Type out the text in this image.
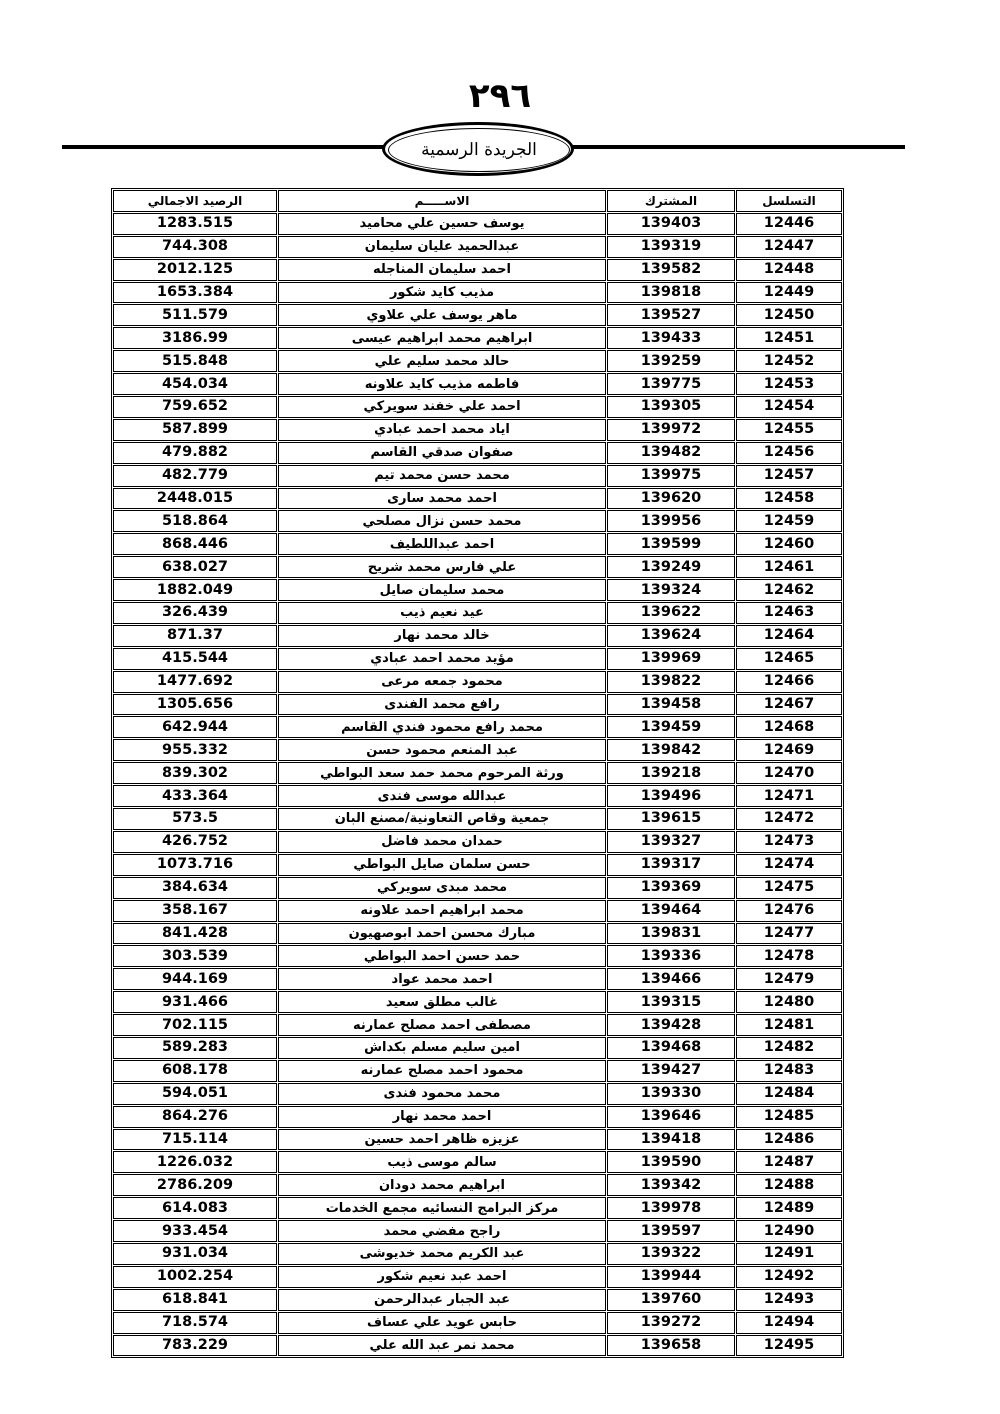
٢٩٦
الجريدة الرسمية
الرصيد الاجمالي	الاســـــم	المشترك	التسلسل
1283.515	يوسف حسين علي محاميد	139403	12446
744.308	عبدالحميد عليان سليمان	139319	12447
2012.125	احمد سليمان المناجله	139582	12448
1653.384	مذيب كايد شكور	139818	12449
511.579	ماهر يوسف علي علاوي	139527	12450
3186.99	ابراهيم محمد ابراهيم عيسى	139433	12451
515.848	حالد محمد سليم علي	139259	12452
454.034	فاطمه مذيب كايد علاونه	139775	12453
759.652	احمد علي خفند سويركي	139305	12454
587.899	اياد محمد احمد عبادي	139972	12455
479.882	صفوان صدقي القاسم	139482	12456
482.779	محمد حسن محمد تيم	139975	12457
2448.015	احمد محمد سارى	139620	12458
518.864	محمد حسن نزال مصلحي	139956	12459
868.446	احمد عبداللطيف	139599	12460
638.027	علي فارس محمد شريح	139249	12461
1882.049	محمد سليمان صايل	139324	12462
326.439	عيد نعيم ذيب	139622	12463
871.37	خالد محمد نهار	139624	12464
415.544	مؤيد محمد احمد عبادي	139969	12465
1477.692	محمود جمعه مرعى	139822	12466
1305.656	رافع محمد الفندى	139458	12467
642.944	محمد رافع محمود فندي القاسم	139459	12468
955.332	عبد المنعم محمود حسن	139842	12469
839.302	ورثة المرحوم محمد حمد سعد البواطي	139218	12470
433.364	عبدالله موسى فندى	139496	12471
573.5	جمعية وقاص التعاونية/مصنع البان	139615	12472
426.752	حمدان محمد فاضل	139327	12473
1073.716	حسن سلمان صايل البواطي	139317	12474
384.634	محمد مبدى سويركي	139369	12475
358.167	محمد ابراهيم احمد علاونه	139464	12476
841.428	مبارك محسن احمد ابوصهيون	139831	12477
303.539	حمد حسن احمد البواطي	139336	12478
944.169	احمد محمد عواد	139466	12479
931.466	غالب مطلق سعيد	139315	12480
702.115	مصطفى احمد مصلح عمارنه	139428	12481
589.283	امين سليم مسلم بكداش	139468	12482
608.178	محمود احمد مصلح عمارنه	139427	12483
594.051	محمد محمود فندى	139330	12484
864.276	احمد محمد نهار	139646	12485
715.114	عزيزه ظاهر احمد حسين	139418	12486
1226.032	سالم موسى ذيب	139590	12487
2786.209	ابراهيم محمد دودان	139342	12488
614.083	مركز البرامج النسائيه مجمع الخدمات	139978	12489
933.454	راجح مفضي محمد	139597	12490
931.034	عبد الكريم محمد خديوشى	139322	12491
1002.254	احمد عبد نعيم شكور	139944	12492
618.841	عبد الجبار عبدالرحمن	139760	12493
718.574	حابس عويد علي عساف	139272	12494
783.229	محمد نمر عبد الله علي	139658	12495
